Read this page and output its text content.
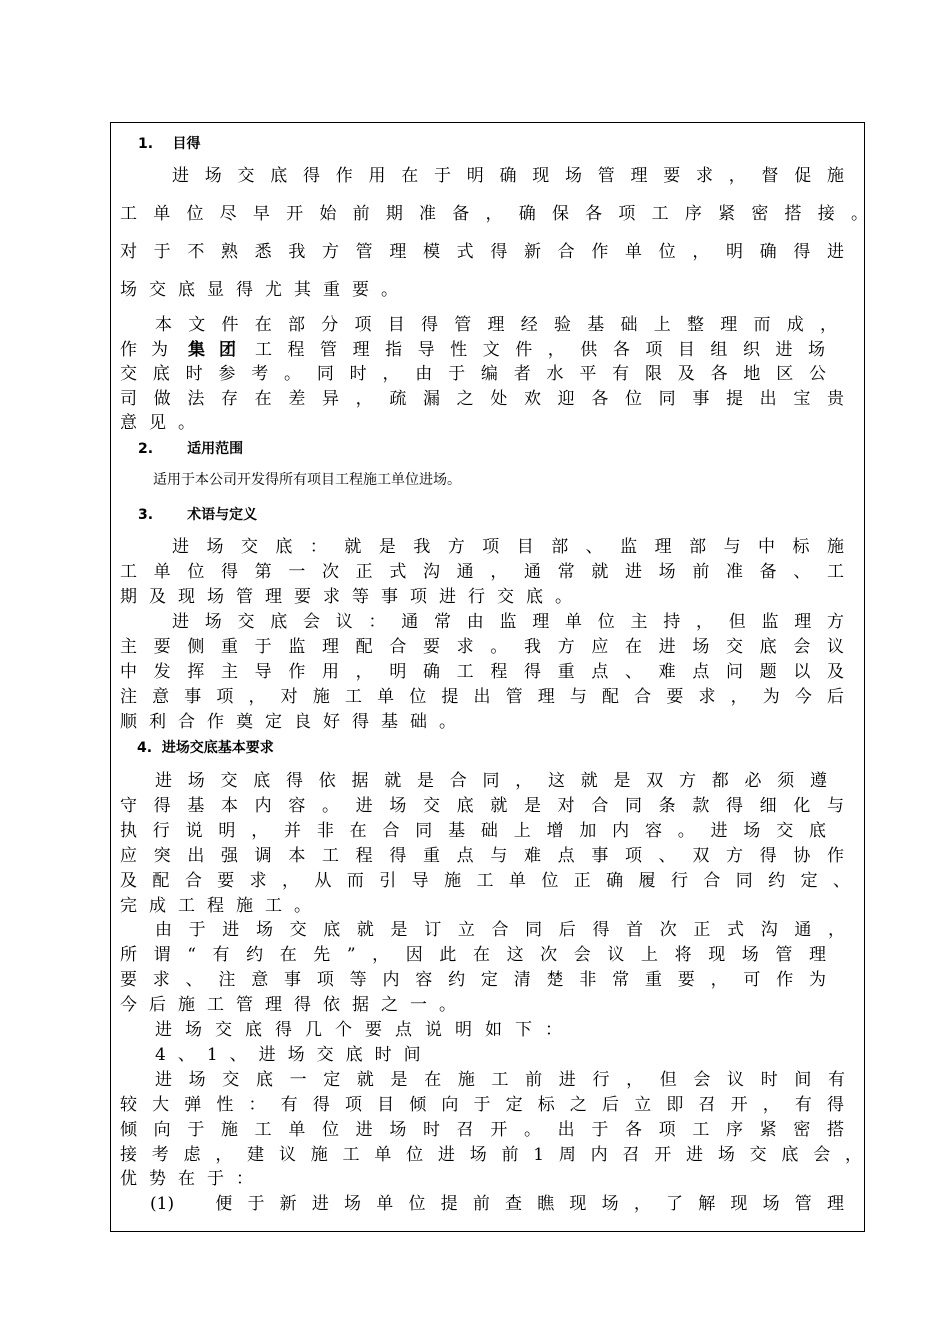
1.    目得
进场交底得作用在于明确现场管理要求，督促施
工单位尽早开始前期准备，确保各项工序紧密搭接。
对于不熟悉我方管理模式得新合作单位，明确得进
场交底显得尤其重要。
本文件在部分项目得管理经验基础上整理而成，
作为 集团 工程管理指导性文件，供各项目组织进场
交底时参考。同时，由于编者水平有限及各地区公
司做法存在差异，疏漏之处欢迎各位同事提出宝贵
意见。
2.       适用范围
适用于本公司开发得所有项目工程施工单位进场。
3.       术语与定义
进场交底：就是我方项目部、监理部与中标施
工单位得第一次正式沟通，通常就进场前准备、工
期及现场管理要求等事项进行交底。
进场交底会议：通常由监理单位主持，但监理方
主要侧重于监理配合要求。我方应在进场交底会议
中发挥主导作用，明确工程得重点、难点问题以及
注意事项，对施工单位提出管理与配合要求，为今后
顺利合作奠定良好得基础。
4.  进场交底基本要求
进场交底得依据就是合同，这就是双方都必须遵
守得基本内容。进场交底就是对合同条款得细化与
执行说明，并非在合同基础上增加内容。进场交底
应突出强调本工程得重点与难点事项、双方得协作
及配合要求，从而引导施工单位正确履行合同约定、
完成工程施工。
由于进场交底就是订立合同后得首次正式沟通，
所谓“有约在先”，因此在这次会议上将现场管理
要求、注意事项等内容约定清楚非常重要，可作为
今后施工管理得依据之一。
进场交底得几个要点说明如下：
4、1、进场交底时间
进场交底一定就是在施工前进行，但会议时间有
较大弹性：有得项目倾向于定标之后立即召开，有得
倾向于施工单位进场时召开。出于各项工序紧密搭
接考虑，建议施工单位进场前1周内召开进场交底会，
优势在于：
(1)  便于新进场单位提前查瞧现场，了解现场管理
